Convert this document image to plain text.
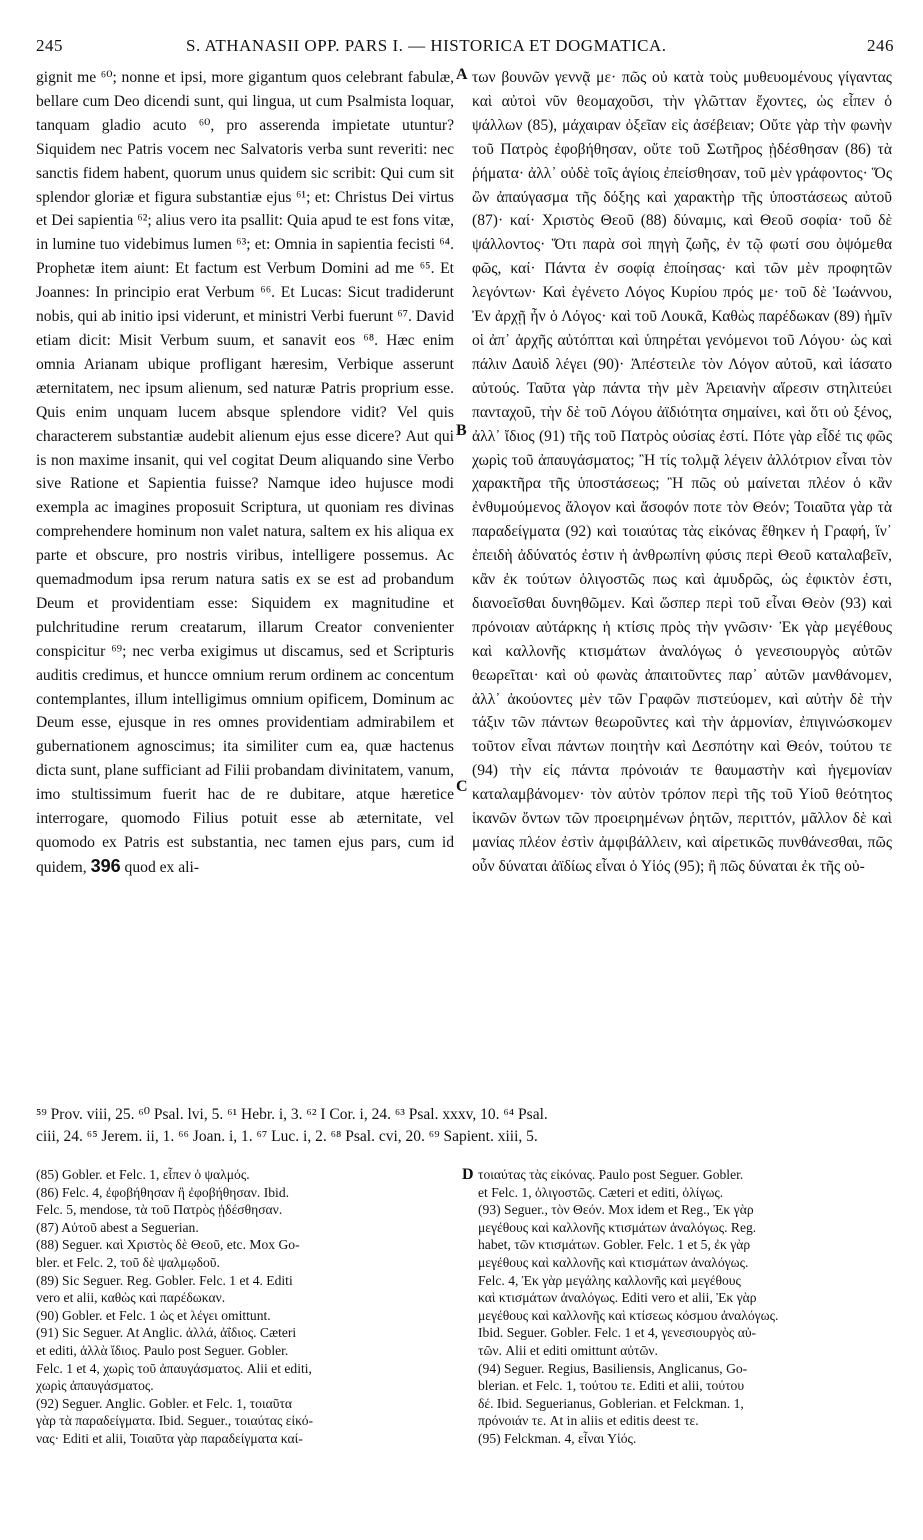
245	S. ATHANASII OPP. PARS I. — HISTORICA ET DOGMATICA.	246

gignit me ⁶⁰; nonne et ipsi, more gigantum quos celebrant fabulæ, bellare cum Deo dicendi sunt, qui lingua, ut cum Psalmista loquar, tanquam gladio acuto ⁶⁰, pro asserenda impietate utuntur? Siquidem nec Patris vocem nec Salvatoris verba sunt reveriti: nec sanctis fidem habent, quorum unus quidem sic scribit: Qui cum sit splendor gloriæ et figura substantiæ ejus ⁶¹; et: Christus Dei virtus et Dei sapientia ⁶²; alius vero ita psallit: Quia apud te est fons vitæ, in lumine tuo videbimus lumen ⁶³; et: Omnia in sapientia fecisti ⁶⁴. Prophetæ item aiunt: Et factum est Verbum Domini ad me ⁶⁵. Et Joannes: In principio erat Verbum ⁶⁶. Et Lucas: Sicut tradiderunt nobis, qui ab initio ipsi viderunt, et ministri Verbi fuerunt ⁶⁷. David etiam dicit: Misit Verbum suum, et sanavit eos ⁶⁸. Hæc enim omnia Arianam ubique profligant hæresim, Verbique asserunt æternitatem, nec ipsum alienum, sed naturæ Patris proprium esse. Quis enim unquam lucem absque splendore vidit? Vel quis characterem substantiæ audebit alienum ejus esse dicere? Aut qui is non maxime insanit, qui vel cogitat Deum aliquando sine Verbo sive Ratione et Sapientia fuisse? Namque ideo hujusce modi exempla ac imagines proposuit Scriptura, ut quoniam res divinas comprehendere hominum non valet natura, saltem ex his aliqua ex parte et obscure, pro nostris viribus, intelligere possemus. Ac quemadmodum ipsa rerum natura satis ex se est ad probandum Deum et providentiam esse: Siquidem ex magnitudine et pulchritudine rerum creatarum, illarum Creator convenienter conspicitur ⁶⁹; nec verba exigimus ut discamus, sed et Scripturis auditis credimus, et huncce omnium rerum ordinem ac concentum contemplantes, illum intelligimus omnium opificem, Dominum ac Deum esse, ejusque in res omnes providentiam admirabilem et gubernationem agnoscimus; ita similiter cum ea, quæ hactenus dicta sunt, plane sufficiant ad Filii probandam divinitatem, vanum, imo stultissimum fuerit hac de re dubitare, atque hæretice interrogare, quomodo Filius potuit esse ab æternitate, vel quomodo ex Patris est substantia, nec tamen ejus pars, cum id quidem, 396 quod ex ali-

A
B
C

των βουνῶν γεννᾷ με· πῶς οὐ κατὰ τοὺς μυθευομένους γίγαντας καὶ αὐτοὶ νῦν θεομαχοῦσι, τὴν γλῶτταν ἔχοντες, ὡς εἶπεν ὁ ψάλλων (85), μάχαιραν ὀξεῖαν εἰς ἀσέβειαν; Οὔτε γὰρ τὴν φωνὴν τοῦ Πατρὸς ἐφοβήθησαν, οὔτε τοῦ Σωτῆρος ᾐδέσθησαν (86) τὰ ῥήματα· ἀλλ᾽ οὐδὲ τοῖς ἁγίοις ἐπείσθησαν, τοῦ μὲν γράφοντος· Ὅς ὢν ἀπαύγασμα τῆς δόξης καὶ χαρακτὴρ τῆς ὑποστάσεως αὐτοῦ (87)· καί· Χριστὸς Θεοῦ (88) δύναμις, καὶ Θεοῦ σοφία· τοῦ δὲ ψάλλοντος· Ὅτι παρὰ σοὶ πηγὴ ζωῆς, ἐν τῷ φωτί σου ὀψόμεθα φῶς, καί· Πάντα ἐν σοφίᾳ ἐποίησας· καὶ τῶν μὲν προφητῶν λεγόντων· Καὶ ἐγένετο Λόγος Κυρίου πρός με· τοῦ δὲ Ἰωάννου, Ἐν ἀρχῇ ἦν ὁ Λόγος· καὶ τοῦ Λουκᾶ, Καθὼς παρέδωκαν (89) ἡμῖν οἱ ἀπ᾽ ἀρχῆς αὐτόπται καὶ ὑπηρέται γενόμενοι τοῦ Λόγου· ὡς καὶ πάλιν Δαυὶδ λέγει (90)· Ἀπέστειλε τὸν Λόγον αὐτοῦ, καὶ ἰάσατο αὐτούς. Ταῦτα γὰρ πάντα τὴν μὲν Ἀρειανὴν αἵρεσιν στηλιτεύει πανταχοῦ, τὴν δὲ τοῦ Λόγου ἀϊδιότητα σημαίνει, καὶ ὅτι οὐ ξένος, ἀλλ᾽ ἴδιος (91) τῆς τοῦ Πατρὸς οὐσίας ἐστί. Πότε γὰρ εἶδέ τις φῶς χωρὶς τοῦ ἀπαυγάσματος; Ἢ τίς τολμᾷ λέγειν ἀλλότριον εἶναι τὸν χαρακτῆρα τῆς ὑποστάσεως; Ἢ πῶς οὐ μαίνεται πλέον ὁ κἂν ἐνθυμούμενος ἄλογον καὶ ἄσοφόν ποτε τὸν Θεόν; Τοιαῦτα γὰρ τὰ παραδείγματα (92) καὶ τοιαύτας τὰς εἰκόνας ἔθηκεν ἡ Γραφή, ἵν᾽ ἐπειδὴ ἀδύνατός ἐστιν ἡ ἀνθρωπίνη φύσις περὶ Θεοῦ καταλαβεῖν, κἂν ἐκ τούτων ὀλιγοστῶς πως καὶ ἀμυδρῶς, ὡς ἐφικτὸν ἐστι, διανοεῖσθαι δυνηθῶμεν. Καὶ ὥσπερ περὶ τοῦ εἶναι Θεὸν (93) καὶ πρόνοιαν αὐτάρκης ἡ κτίσις πρὸς τὴν γνῶσιν· Ἐκ γὰρ μεγέθους καὶ καλλονῆς κτισμάτων ἀναλόγως ὁ γενεσιουργὸς αὐτῶν θεωρεῖται· καὶ οὐ φωνὰς ἀπαιτοῦντες παρ᾽ αὐτῶν μανθάνομεν, ἀλλ᾽ ἀκούοντες μὲν τῶν Γραφῶν πιστεύομεν, καὶ αὐτὴν δὲ τὴν τάξιν τῶν πάντων θεωροῦντες καὶ τὴν ἁρμονίαν, ἐπιγινώσκομεν τοῦτον εἶναι πάντων ποιητὴν καὶ Δεσπότην καὶ Θεόν, τούτου τε (94) τὴν εἰς πάντα πρόνοιάν τε θαυμαστὴν καὶ ἡγεμονίαν καταλαμβάνομεν· τὸν αὐτὸν τρόπον περὶ τῆς τοῦ Υἱοῦ θεότητος ἱκανῶν ὄντων τῶν προειρημένων ῥητῶν, περιττόν, μᾶλλον δὲ καὶ μανίας πλέον ἐστὶν ἀμφιβάλλειν, καὶ αἱρετικῶς πυνθάνεσθαι, πῶς οὖν δύναται ἀϊδίως εἶναι ὁ Υἱός (95); ἢ πῶς δύναται ἐκ τῆς οὐ-

⁵⁹ Prov. viii, 25. ⁶⁰ Psal. lvi, 5. ⁶¹ Hebr. i, 3. ⁶² I Cor. i, 24. ⁶³ Psal. xxxv, 10. ⁶⁴ Psal.
ciii, 24. ⁶⁵ Jerem. ii, 1. ⁶⁶ Joan. i, 1. ⁶⁷ Luc. i, 2. ⁶⁸ Psal. cvi, 20. ⁶⁹ Sapient. xiii, 5.
D
(85) Gobler. et Felc. 1, εἶπεν ὁ ψαλμός.
(86) Felc. 4, ἐφοβήθησαν ἢ ἐφοβήθησαν. Ibid.
Felc. 5, mendose, τὰ τοῦ Πατρὸς ᾐδέσθησαν.
(87) Αὐτοῦ abest a Seguerian.
(88) Seguer. καὶ Χριστὸς δὲ Θεοῦ, etc. Mox Go-
bler. et Felc. 2, τοῦ δὲ ψαλμῳδοῦ.
(89) Sic Seguer. Reg. Gobler. Felc. 1 et 4. Editi
vero et alii, καθὼς καὶ παρέδωκαν.
(90) Gobler. et Felc. 1 ὡς et λέγει omittunt.
(91) Sic Seguer. At Anglic. ἀλλά, ἀΐδιος. Cæteri
et editi, ἀλλὰ ἴδιος. Paulo post Seguer. Gobler.
Felc. 1 et 4, χωρὶς τοῦ ἀπαυγάσματος. Alii et editi,
χωρὶς ἀπαυγάσματος.
(92) Seguer. Anglic. Gobler. et Felc. 1, τοιαῦτα
γὰρ τὰ παραδείγματα. Ibid. Seguer., τοιαύτας εἰκό-
νας· Editi et alii, Τοιαῦτα γὰρ παραδείγματα καί-
τοιαύτας τὰς εἰκόνας. Paulo post Seguer. Gobler.
et Felc. 1, ὀλιγοστῶς. Cæteri et editi, ὀλίγως.
(93) Seguer., τὸν Θεόν. Mox idem et Reg., Ἐκ γὰρ
μεγέθους καὶ καλλονῆς κτισμάτων ἀναλόγως. Reg.
habet, τῶν κτισμάτων. Gobler. Felc. 1 et 5, ἐκ γὰρ
μεγέθους καὶ καλλονῆς καὶ κτισμάτων ἀναλόγως.
Felc. 4, Ἐκ γὰρ μεγάλης καλλονῆς καὶ μεγέθους
καὶ κτισμάτων ἀναλόγως. Editi vero et alii, Ἐκ γὰρ
μεγέθους καὶ καλλονῆς καὶ κτίσεως κόσμου ἀναλόγως.
Ibid. Seguer. Gobler. Felc. 1 et 4, γενεσιουργὸς αὐ-
τῶν. Alii et editi omittunt αὐτῶν.
(94) Seguer. Regius, Basiliensis, Anglicanus, Go-
blerian. et Felc. 1, τούτου τε. Editi et alii, τούτου
δέ. Ibid. Seguerianus, Goblerian. et Felckman. 1,
πρόνοιάν τε. At in aliis et editis deest τε.
(95) Felckman. 4, εἶναι Υἱός.
